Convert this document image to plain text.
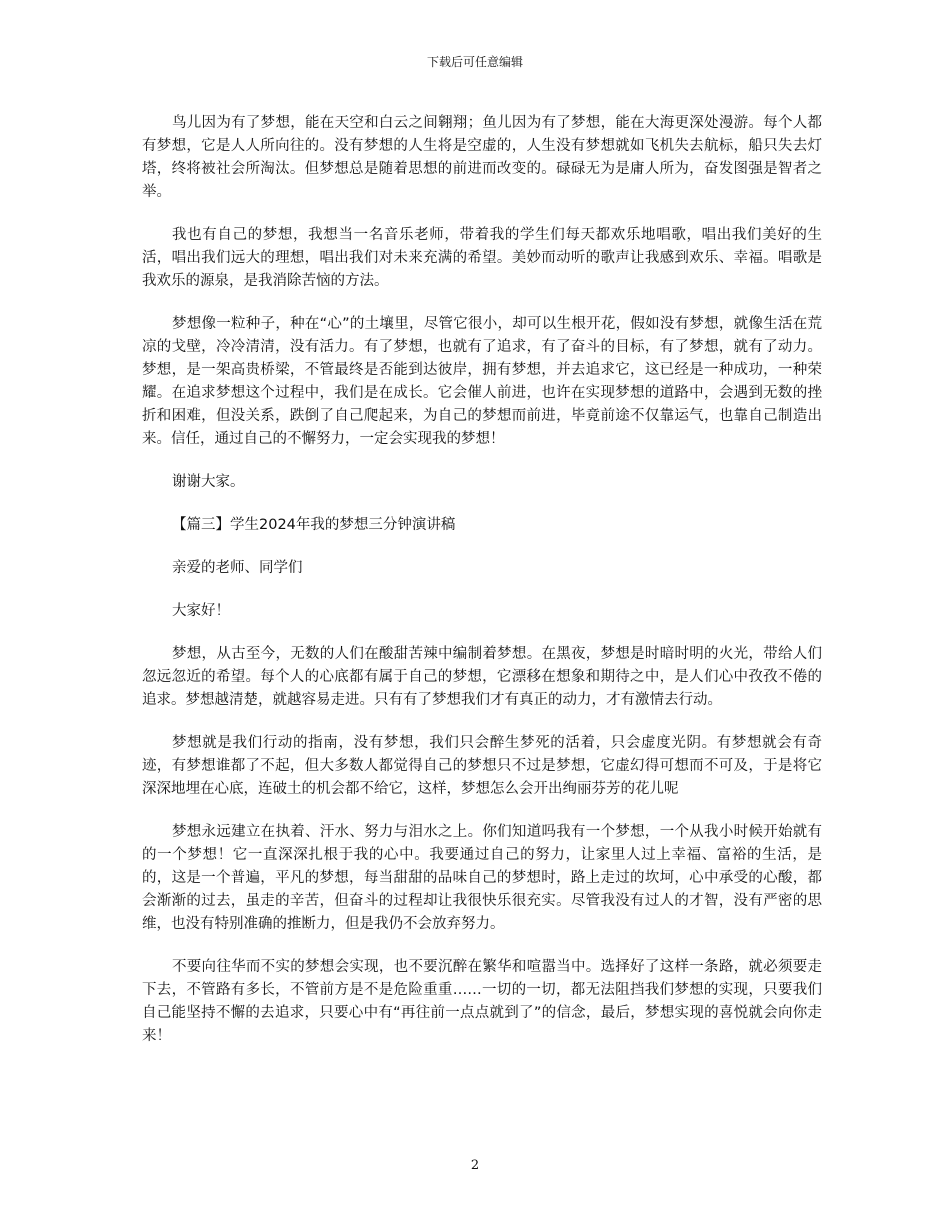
下载后可任意编辑

鸟儿因为有了梦想，能在天空和白云之间翱翔；鱼儿因为有了梦想，能在大海更深处漫游。每个人都有梦想，它是人人所向往的。没有梦想的人生将是空虚的，人生没有梦想就如飞机失去航标，船只失去灯塔，终将被社会所淘汰。但梦想总是随着思想的前进而改变的。碌碌无为是庸人所为，奋发图强是智者之举。

我也有自己的梦想，我想当一名音乐老师，带着我的学生们每天都欢乐地唱歌，唱出我们美好的生活，唱出我们远大的理想，唱出我们对未来充满的希望。美妙而动听的歌声让我感到欢乐、幸福。唱歌是我欢乐的源泉，是我消除苦恼的方法。

梦想像一粒种子，种在“心”的土壤里，尽管它很小，却可以生根开花，假如没有梦想，就像生活在荒凉的戈壁，冷冷清清，没有活力。有了梦想，也就有了追求，有了奋斗的目标，有了梦想，就有了动力。梦想，是一架高贵桥梁，不管最终是否能到达彼岸，拥有梦想，并去追求它，这已经是一种成功，一种荣耀。在追求梦想这个过程中，我们是在成长。它会催人前进，也许在实现梦想的道路中，会遇到无数的挫折和困难，但没关系，跌倒了自己爬起来，为自己的梦想而前进，毕竟前途不仅靠运气，也靠自己制造出来。信任，通过自己的不懈努力，一定会实现我的梦想！

谢谢大家。

【篇三】学生2024年我的梦想三分钟演讲稿

亲爱的老师、同学们

大家好！

梦想，从古至今，无数的人们在酸甜苦辣中编制着梦想。在黑夜，梦想是时暗时明的火光，带给人们忽远忽近的希望。每个人的心底都有属于自己的梦想，它漂移在想象和期待之中，是人们心中孜孜不倦的追求。梦想越清楚，就越容易走进。只有有了梦想我们才有真正的动力，才有激情去行动。

梦想就是我们行动的指南，没有梦想，我们只会醉生梦死的活着，只会虚度光阴。有梦想就会有奇迹，有梦想谁都了不起，但大多数人都觉得自己的梦想只不过是梦想，它虚幻得可想而不可及，于是将它深深地埋在心底，连破土的机会都不给它，这样，梦想怎么会开出绚丽芬芳的花儿呢

梦想永远建立在执着、汗水、努力与泪水之上。你们知道吗我有一个梦想，一个从我小时候开始就有的一个梦想！它一直深深扎根于我的心中。我要通过自己的努力，让家里人过上幸福、富裕的生活，是的，这是一个普遍，平凡的梦想，每当甜甜的品味自己的梦想时，路上走过的坎坷，心中承受的心酸，都会渐渐的过去，虽走的辛苦，但奋斗的过程却让我很快乐很充实。尽管我没有过人的才智，没有严密的思维，也没有特别准确的推断力，但是我仍不会放弃努力。

不要向往华而不实的梦想会实现，也不要沉醉在繁华和喧嚣当中。选择好了这样一条路，就必须要走下去，不管路有多长，不管前方是不是危险重重……一切的一切，都无法阻挡我们梦想的实现，只要我们自己能坚持不懈的去追求，只要心中有“再往前一点点就到了”的信念，最后，梦想实现的喜悦就会向你走来！

2
